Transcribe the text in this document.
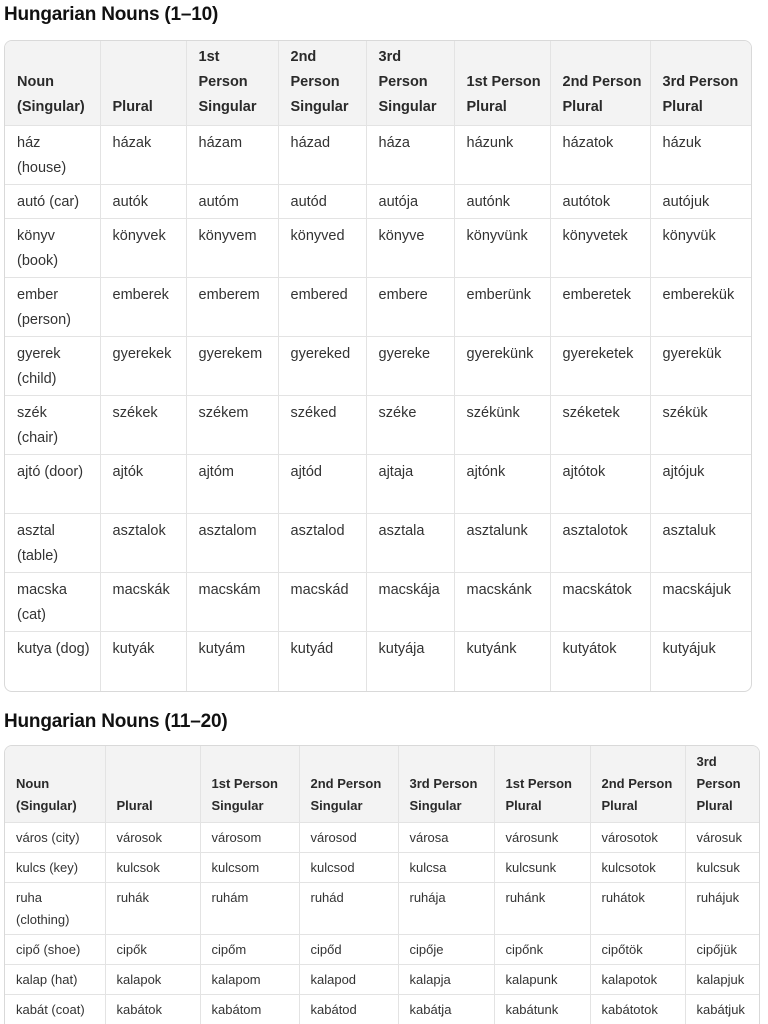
Hungarian Nouns (1–10)
Noun (Singular)	Plural	1st Person Singular	2nd Person Singular	3rd Person Singular	1st Person Plural	2nd Person Plural	3rd Person Plural
ház (house)	házak	házam	házad	háza	házunk	házatok	házuk
autó (car)	autók	autóm	autód	autója	autónk	autótok	autójuk
könyv (book)	könyvek	könyvem	könyved	könyve	könyvünk	könyvetek	könyvük
ember (person)	emberek	emberem	embered	embere	emberünk	emberetek	emberekük
gyerek (child)	gyerekek	gyerekem	gyereked	gyereke	gyerekünk	gyereketek	gyerekük
szék (chair)	székek	székem	széked	széke	székünk	széketek	székük
ajtó (door)	ajtók	ajtóm	ajtód	ajtaja	ajtónk	ajtótok	ajtójuk
asztal (table)	asztalok	asztalom	asztalod	asztala	asztalunk	asztalotok	asztaluk
macska (cat)	macskák	macskám	macskád	macskája	macskánk	macskátok	macskájuk
kutya (dog)	kutyák	kutyám	kutyád	kutyája	kutyánk	kutyátok	kutyájuk
Hungarian Nouns (11–20)
Noun (Singular)	Plural	1st Person Singular	2nd Person Singular	3rd Person Singular	1st Person Plural	2nd Person Plural	3rd Person Plural
város (city)	városok	városom	városod	városa	városunk	városotok	városuk
kulcs (key)	kulcsok	kulcsom	kulcsod	kulcsa	kulcsunk	kulcsotok	kulcsuk
ruha (clothing)	ruhák	ruhám	ruhád	ruhája	ruhánk	ruhátok	ruhájuk
cipő (shoe)	cipők	cipőm	cipőd	cipője	cipőnk	cipőtök	cipőjük
kalap (hat)	kalapok	kalapom	kalapod	kalapja	kalapunk	kalapotok	kalapjuk
kabát (coat)	kabátok	kabátom	kabátod	kabátja	kabátunk	kabátotok	kabátjuk
